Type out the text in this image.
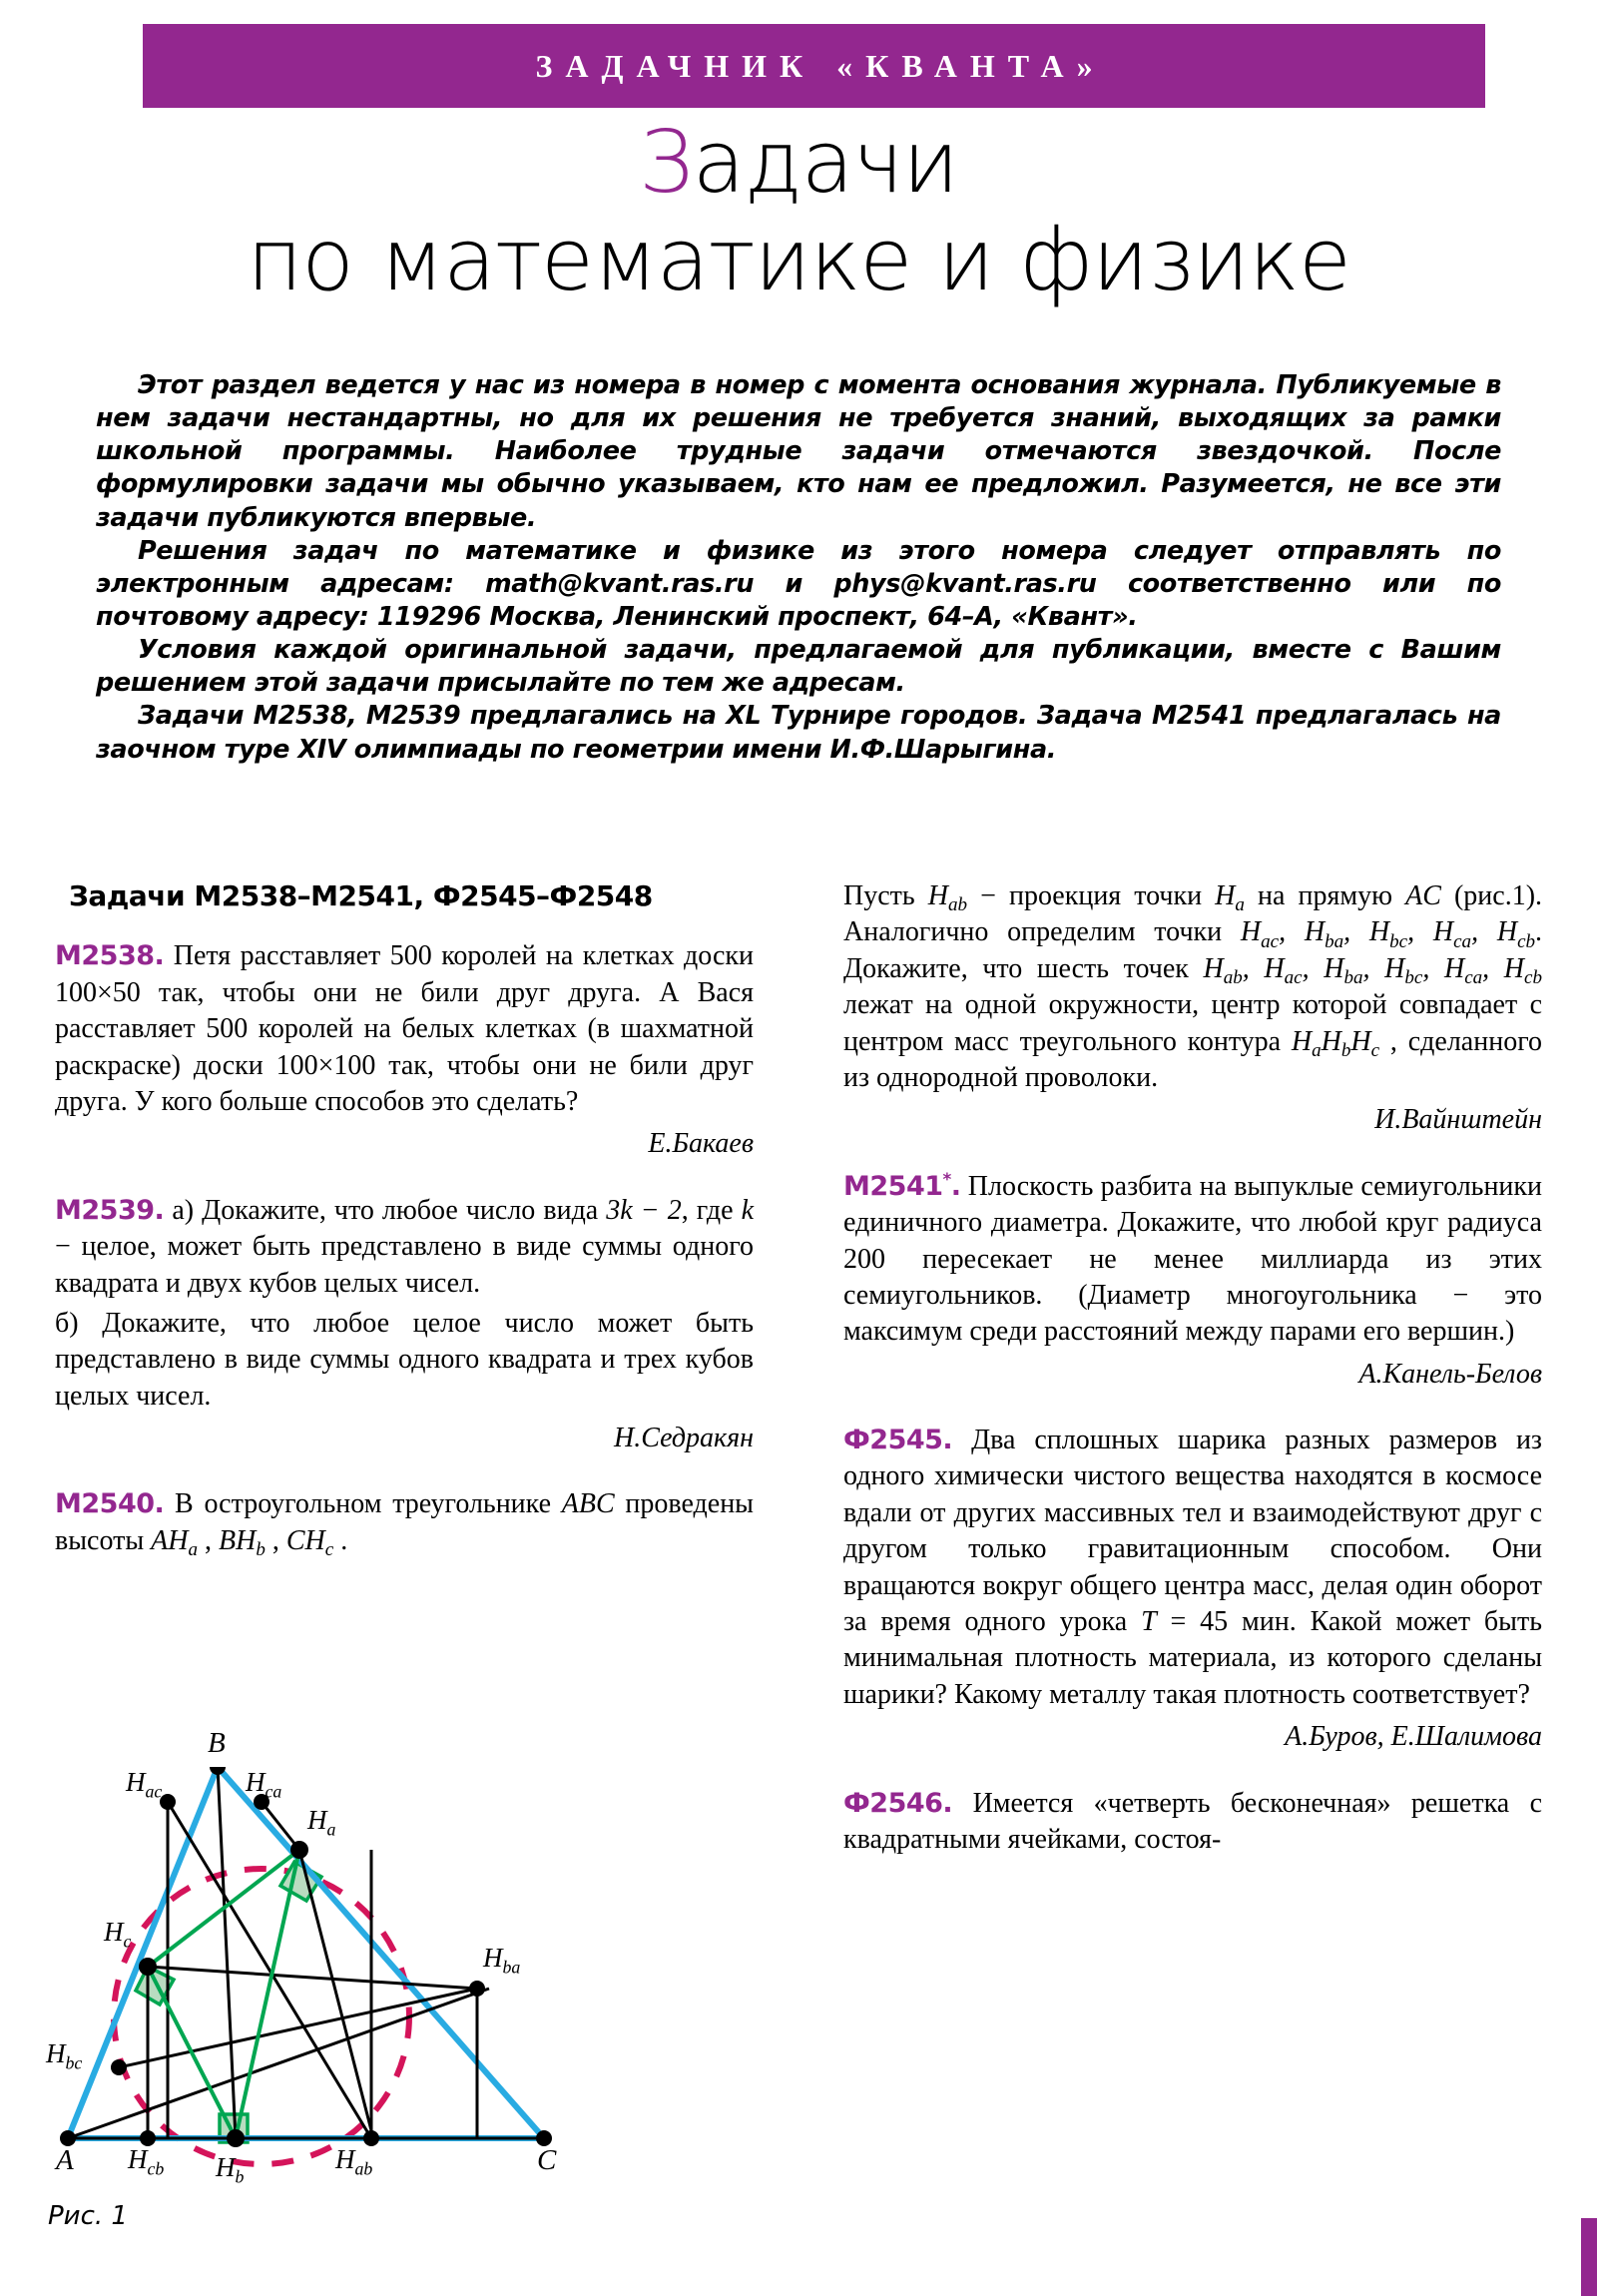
ЗАДАЧНИК «КВАНТА»
Задачи
по математике и физике

Этот раздел ведется у нас из номера в номер с момента основания журнала. Публикуемые в нем задачи нестандартны, но для их решения не требуется знаний, выходящих за рамки школьной программы. Наиболее трудные задачи отмечаются звездочкой. После формулировки задачи мы обычно указываем, кто нам ее предложил. Разумеется, не все эти задачи публикуются впервые.

Решения задач по математике и физике из этого номера следует отправлять по электронным адресам: math@kvant.ras.ru и phys@kvant.ras.ru соответственно или по почтовому адресу: 119296 Москва, Ленинский проспект, 64–А, «Квант».

Условия каждой оригинальной задачи, предлагаемой для публикации, вместе с Вашим решением этой задачи присылайте по тем же адресам.

Задачи М2538, М2539 предлагались на XL Турнире городов. Задача М2541 предлагалась на заочном туре XIV олимпиады по геометрии имени И.Ф.Шарыгина.

Задачи М2538–М2541, Ф2545–Ф2548

M2538. Петя расставляет 500 королей на клетках доски 100×50 так, чтобы они не били друг друга. А Вася расставляет 500 королей на белых клетках (в шахматной раскраске) доски 100×100 так, чтобы они не били друг друга. У кого больше способов это сделать?

Е.Бакаев

M2539. а) Докажите, что любое число вида 3k − 2, где k − целое, может быть представлено в виде суммы одного квадрата и двух кубов целых чисел.

б) Докажите, что любое целое число может быть представлено в виде суммы одного квадрата и трех кубов целых чисел.

Н.Седракян

M2540. В остроугольном треугольнике ABC проведены высоты $AH_a$ , $BH_b$ , $CH_c$ .

B
A	C
$H_{ac}$	$H_{ca}$
$H_a$
$H_c$
$H_{ba}$
$H_{bc}$
$H_{cb}$ $H_b$
$H_{ab}$
Рис. 1

Пусть $H_{ab}$ − проекция точки $H_a$ на прямую AC (рис.1). Аналогично определим точки $H_{ac}$, $H_{ba}$, $H_{bc}$, $H_{ca}$, $H_{cb}$. Докажите, что шесть точек $H_{ab}$, $H_{ac}$, $H_{ba}$, $H_{bc}$, $H_{ca}$, $H_{cb}$ лежат на одной окружности, центр которой совпадает с центром масс треугольного контура $H_aH_bH_c$ , сделанного из однородной проволоки.

И.Вайнштейн

M2541*. Плоскость разбита на выпуклые семиугольники единичного диаметра. Докажите, что любой круг радиуса 200 пересекает не менее миллиарда из этих семиугольников. (Диаметр многоугольника − это максимум среди расстояний между парами его вершин.)

А.Канель-Белов

Ф2545. Два сплошных шарика разных размеров из одного химически чистого вещества находятся в космосе вдали от других массивных тел и взаимодействуют друг с другом только гравитационным способом. Они вращаются вокруг общего центра масс, делая один оборот за время одного урока T = 45 мин. Какой может быть минимальная плотность материала, из которого сделаны шарики? Какому металлу такая плотность соответствует?

А.Буров, Е.Шалимова

Ф2546. Имеется «четверть бесконечная» решетка с квадратными ячейками, состоя-
